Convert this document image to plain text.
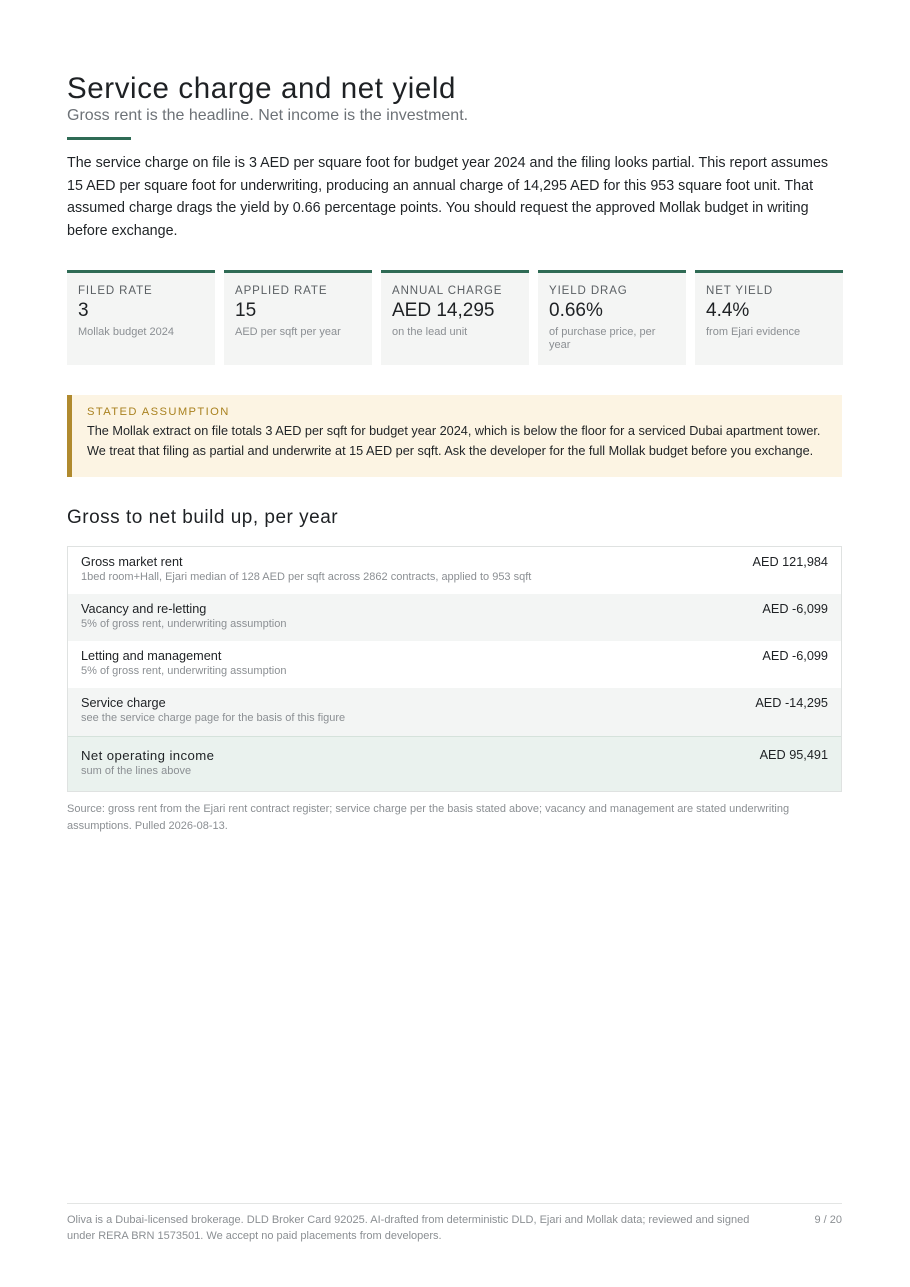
Service charge and net yield
Gross rent is the headline. Net income is the investment.

The service charge on file is 3 AED per square foot for budget year 2024 and the filing looks partial. This report assumes 15 AED per square foot for underwriting, producing an annual charge of 14,295 AED for this 953 square foot unit. That assumed charge drags the yield by 0.66 percentage points. You should request the approved Mollak budget in writing before exchange.

FILED RATE
3
Mollak budget 2024
APPLIED RATE
15
AED per sqft per year
ANNUAL CHARGE
AED 14,295
on the lead unit
YIELD DRAG
0.66%
of purchase price, per year
NET YIELD
4.4%
from Ejari evidence
STATED ASSUMPTION
The Mollak extract on file totals 3 AED per sqft for budget year 2024, which is below the floor for a serviced Dubai apartment tower. We treat that filing as partial and underwrite at 15 AED per sqft. Ask the developer for the full Mollak budget before you exchange.
Gross to net build up, per year
Gross market rent
1bed room+Hall, Ejari median of 128 AED per sqft across 2862 contracts, applied to 953 sqft
AED 121,984
Vacancy and re-letting
5% of gross rent, underwriting assumption
AED -6,099
Letting and management
5% of gross rent, underwriting assumption
AED -6,099
Service charge
see the service charge page for the basis of this figure
AED -14,295
Net operating income
sum of the lines above
AED 95,491

Source: gross rent from the Ejari rent contract register; service charge per the basis stated above; vacancy and management are stated underwriting assumptions. Pulled 2026-08-13.

Oliva is a Dubai-licensed brokerage. DLD Broker Card 92025. AI-drafted from deterministic DLD, Ejari and Mollak data; reviewed and signed under RERA BRN 1573501. We accept no paid placements from developers.

9 / 20
